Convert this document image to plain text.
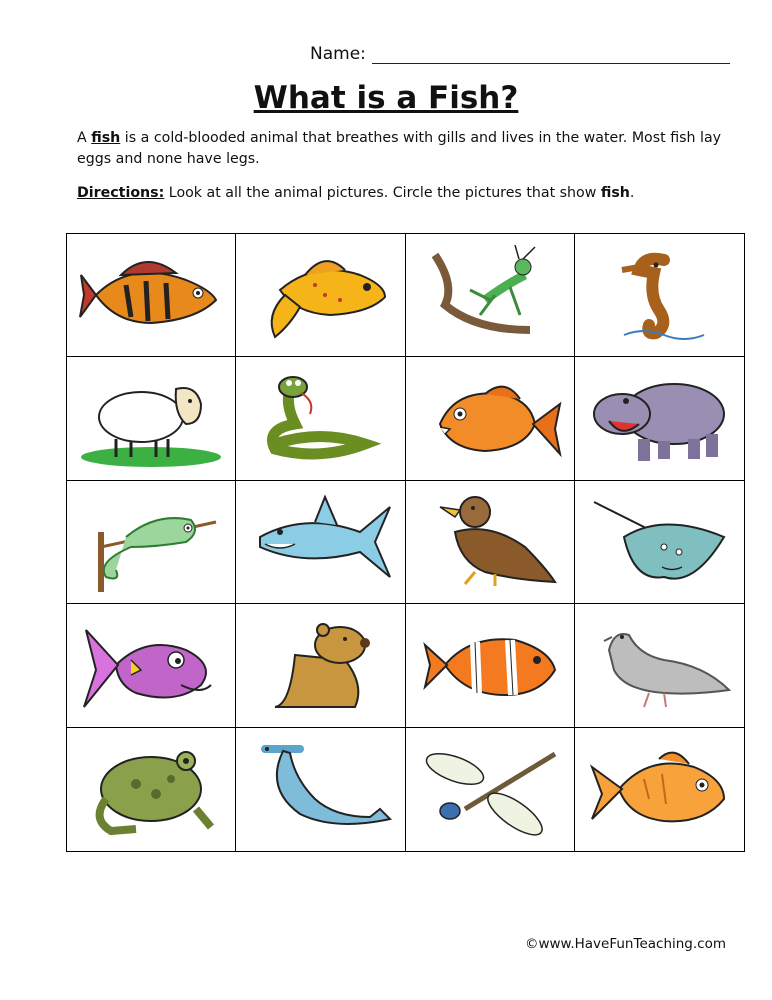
Name:
What is a Fish?
A fish is a cold-blooded animal that breathes with gills and lives in the water. Most fish lay eggs and none have legs.
Directions: Look at all the animal pictures. Circle the pictures that show fish.
©www.HaveFunTeaching.com
